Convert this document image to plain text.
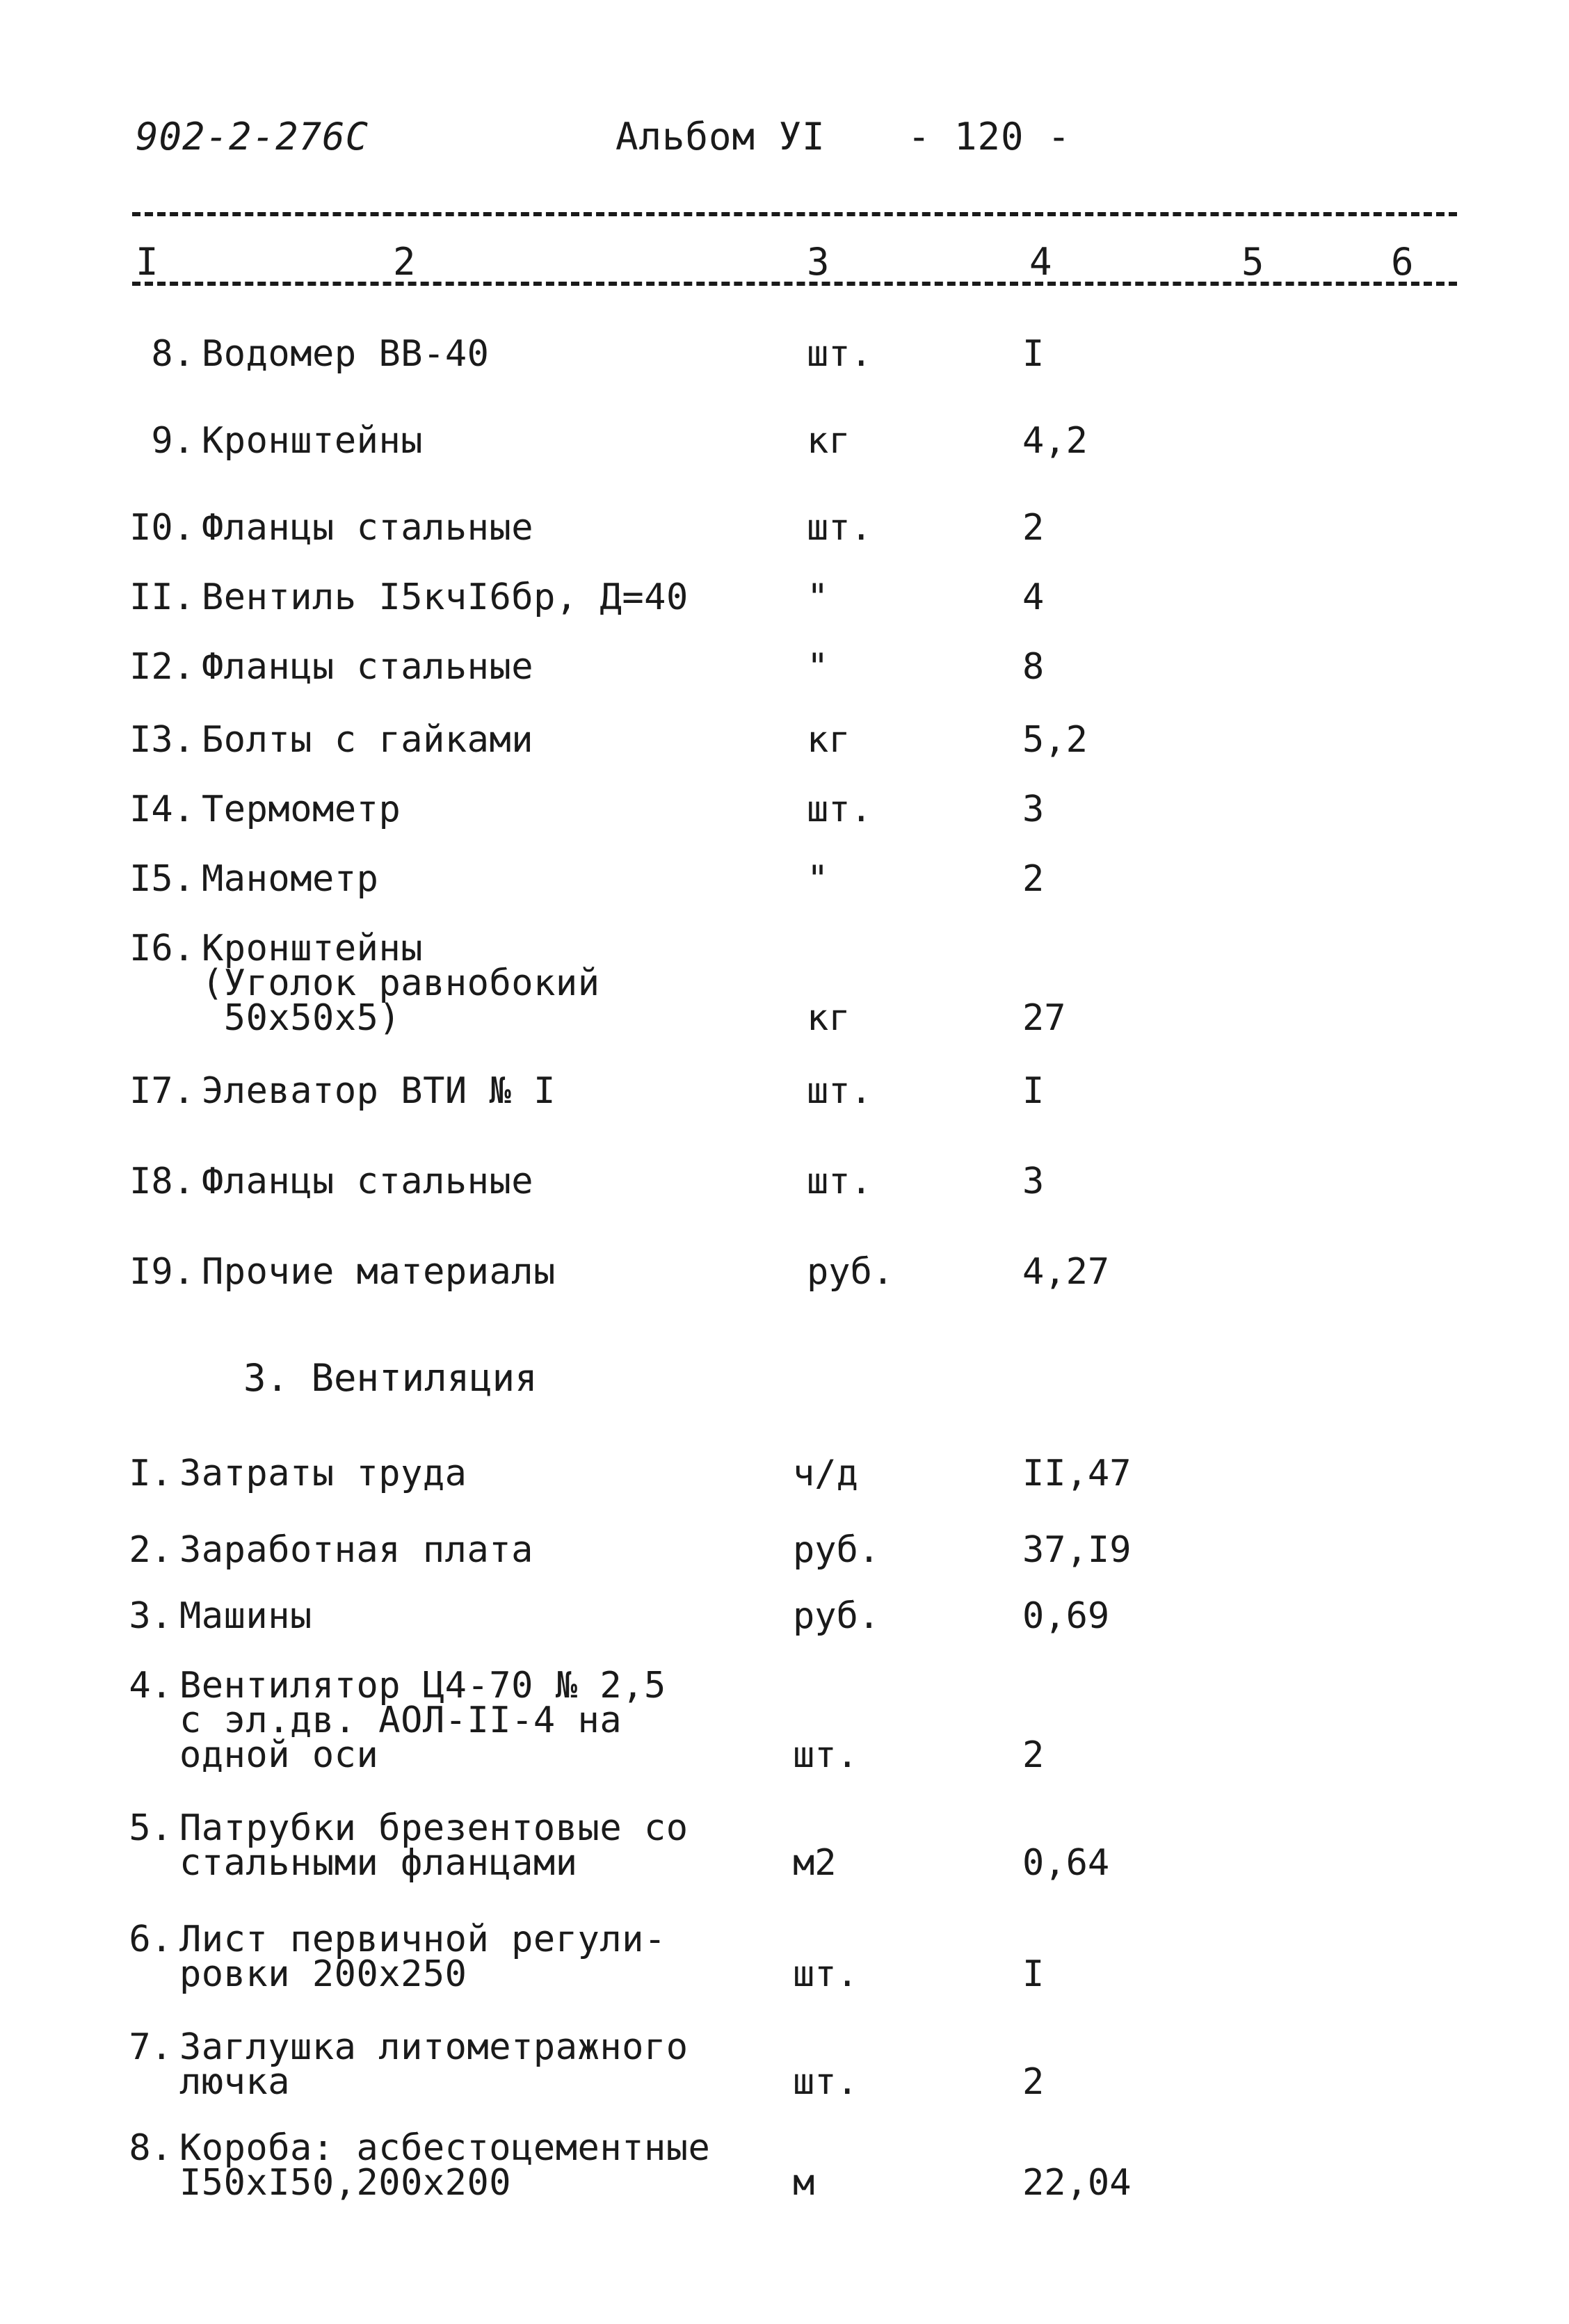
902-2-276С	Альбом УI - 120 -
I	2	3	4	5	6
8. Водомер ВВ-40	шт.	I
9. Кронштейны	кг	4,2
I0. Фланцы стальные	шт.	2
II. Вентиль I5кчI6бр, Д=40	"	4
I2. Фланцы стальные	"	8
I3. Болты с гайками	кг	5,2
I4. Термометр	шт.	3
I5. Манометр	"	2
I6. Кронштейны
(Уголок равнобокий
50х50х5)	кг	27
I7. Элеватор ВТИ № I	шт.	I
I8. Фланцы стальные	шт.	3
I9. Прочие материалы	руб.	4,27
3. Вентиляция
I. Затраты труда	ч/д	II,47
2. Заработная плата	руб.	37,I9
3. Машины	руб.	0,69
4. Вентилятор Ц4-70 № 2,5
с эл.дв. АОЛ-II-4 на
одной оси	шт.	2
5. Патрубки брезентовые со
стальными фланцами	м2	0,64
6. Лист первичной регули-
ровки 200х250	шт.	I
7. Заглушка литометражного
лючка	шт.	2
8. Короба: асбестоцементные
I50хI50,200х200	м	22,04
